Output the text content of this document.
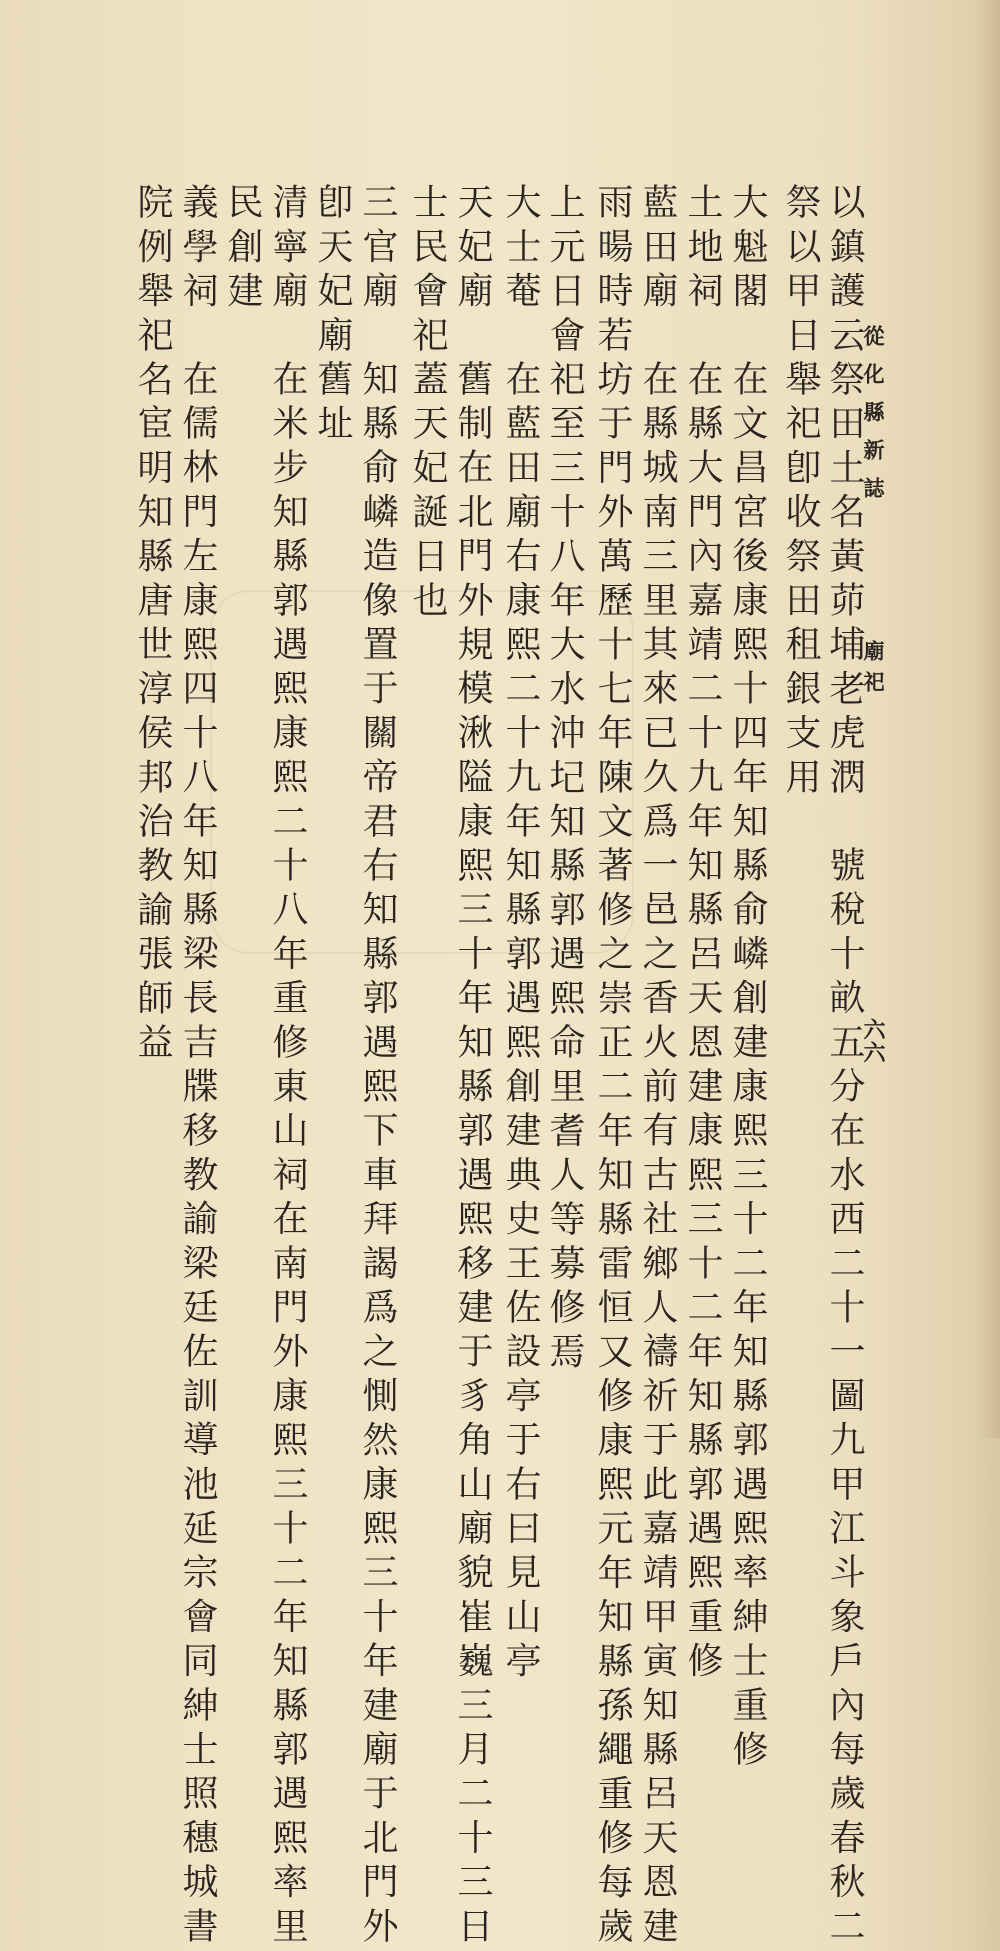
從化縣新誌
廟祀
六六
以鎮護云祭田土名黃茆埔老虎㴸號稅十畝五分在水西二十一圖九甲江斗象戶內每歲春秋二
祭以甲日舉祀卽收祭田租銀支用
大魁閣在文昌宮後康熙十四年知縣俞嶙創建康熙三十二年知縣郭遇熙率紳士重修
土地祠在縣大門內嘉靖二十九年知縣呂天恩建康熙三十二年知縣郭遇熙重修
藍田廟在縣城南三里其來已久爲一邑之香火前有古社鄉人禱祈于此嘉靖甲寅知縣呂天恩建
雨暘時若坊于門外萬歷十七年陳文著修之崇正二年知縣雷恒又修康熙元年知縣孫繩重修每歲
上元日會祀至三十八年大水沖圮知縣郭遇熙命里耆人等募修焉
大士菴在藍田廟右康熙二十九年知縣郭遇熙創建典史王佐設亭于右曰見山亭
天妃廟舊制在北門外規模湫隘康熙三十年知縣郭遇熙移建于豸角山廟貌崔巍三月二十三日
士民會祀蓋天妃誕日也
三官廟知縣俞嶙造像置于關帝君右知縣郭遇熙下車拜謁爲之惻然康熙三十年建廟于北門外
卽天妃廟舊址
清寧廟在米步知縣郭遇熙康熙二十八年重修東山祠在南門外康熙三十二年知縣郭遇熙率里
民創建
義學祠在儒林門左康熙四十八年知縣梁長吉牒移教諭梁廷佐訓導池延宗會同紳士照穗城書
院例舉祀名宦明知縣唐世淳侯邦治教諭張師益
